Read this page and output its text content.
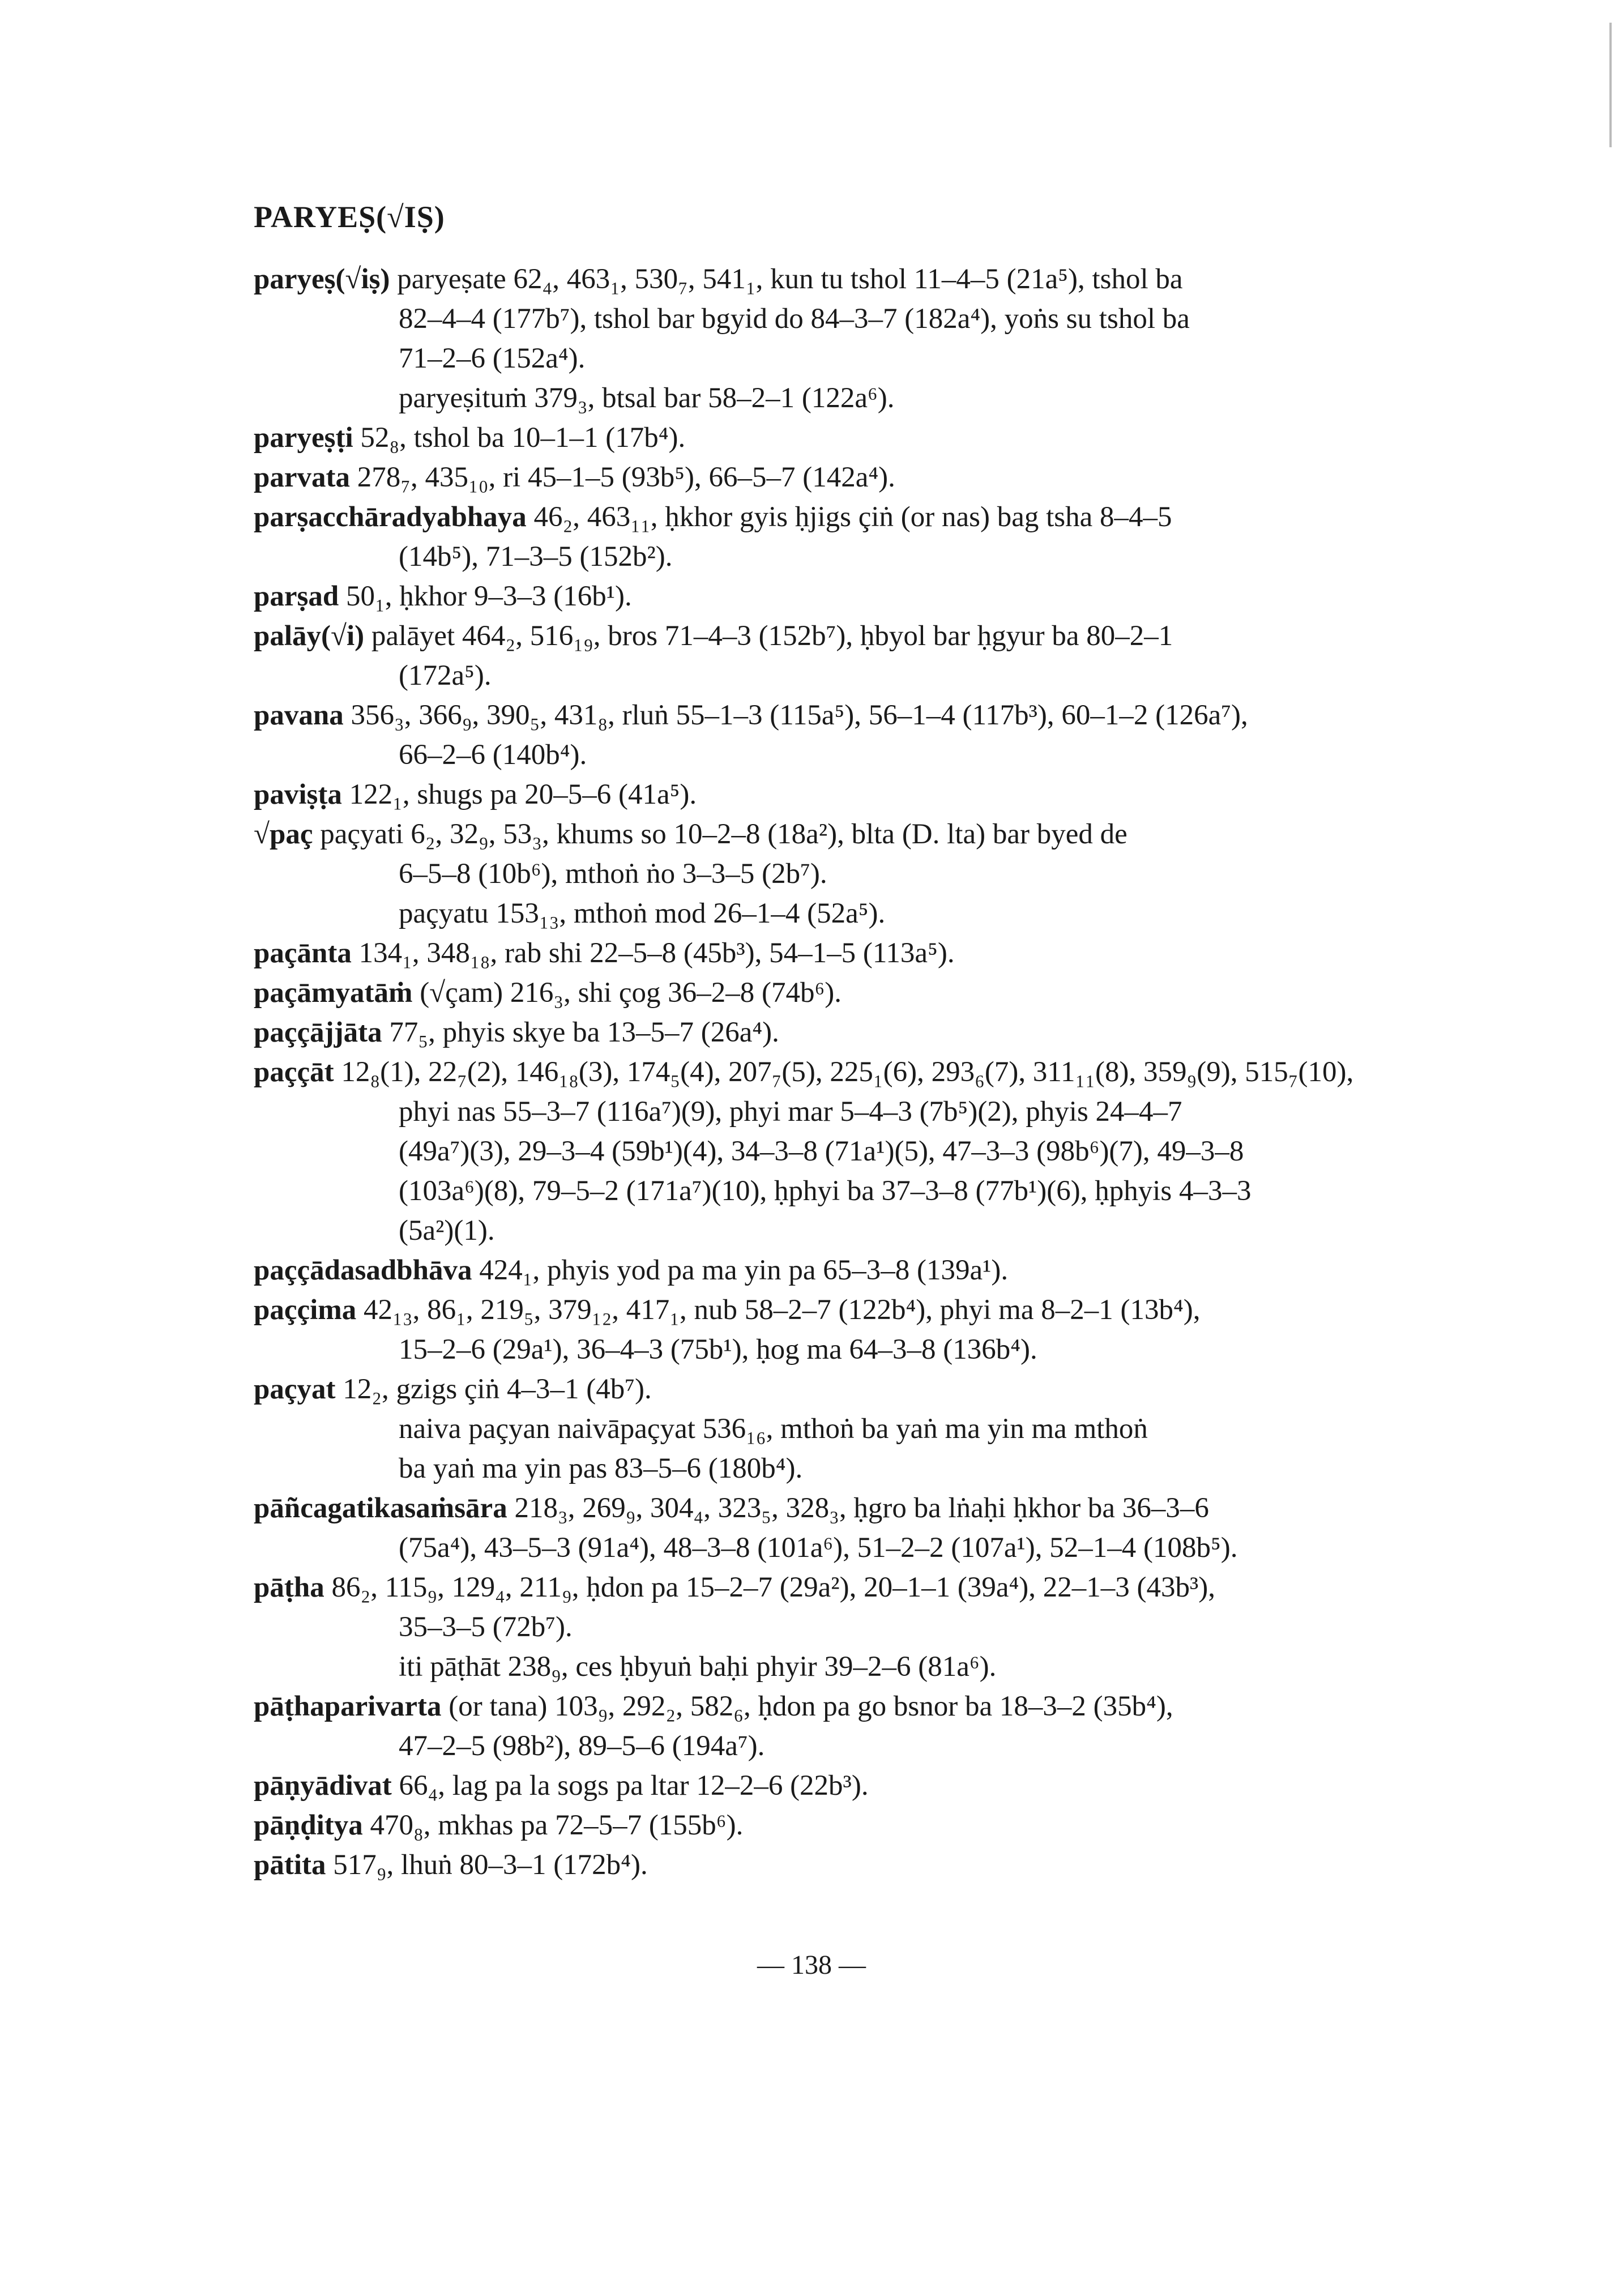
PARYEṢ(√IṢ)
paryeṣ(√iṣ) paryeṣate 62₄, 463₁, 530₇, 541₁, kun tu tshol 11–4–5 (21a⁵), tshol ba
82–4–4 (177b⁷), tshol bar bgyid do 84–3–7 (182a⁴), yoṅs su tshol ba
71–2–6 (152a⁴).
paryeṣituṁ 379₃, btsal bar 58–2–1 (122a⁶).
paryeṣṭi 52₈, tshol ba 10–1–1 (17b⁴).
parvata 278₇, 435₁₀, ri 45–1–5 (93b⁵), 66–5–7 (142a⁴).
parṣacchāradyabhaya 46₂, 463₁₁, ḥkhor gyis ḥjigs çiṅ (or nas) bag tsha 8–4–5
(14b⁵), 71–3–5 (152b²).
parṣad 50₁, ḥkhor 9–3–3 (16b¹).
palāy(√i) palāyet 464₂, 516₁₉, bros 71–4–3 (152b⁷), ḥbyol bar ḥgyur ba 80–2–1
(172a⁵).
pavana 356₃, 366₉, 390₅, 431₈, rluṅ 55–1–3 (115a⁵), 56–1–4 (117b³), 60–1–2 (126a⁷),
66–2–6 (140b⁴).
paviṣṭa 122₁, shugs pa 20–5–6 (41a⁵).
√paç paçyati 6₂, 32₉, 53₃, khums so 10–2–8 (18a²), blta (D. lta) bar byed de
6–5–8 (10b⁶), mthoṅ ṅo 3–3–5 (2b⁷).
paçyatu 153₁₃, mthoṅ mod 26–1–4 (52a⁵).
paçānta 134₁, 348₁₈, rab shi 22–5–8 (45b³), 54–1–5 (113a⁵).
paçāmyatāṁ (√çam) 216₃, shi çog 36–2–8 (74b⁶).
paççājjāta 77₅, phyis skye ba 13–5–7 (26a⁴).
paççāt 12₈(1), 22₇(2), 146₁₈(3), 174₅(4), 207₇(5), 225₁(6), 293₆(7), 311₁₁(8), 359₉(9), 515₇(10),
phyi nas 55–3–7 (116a⁷)(9), phyi mar 5–4–3 (7b⁵)(2), phyis 24–4–7
(49a⁷)(3), 29–3–4 (59b¹)(4), 34–3–8 (71a¹)(5), 47–3–3 (98b⁶)(7), 49–3–8
(103a⁶)(8), 79–5–2 (171a⁷)(10), ḥphyi ba 37–3–8 (77b¹)(6), ḥphyis 4–3–3
(5a²)(1).
paççādasadbhāva 424₁, phyis yod pa ma yin pa 65–3–8 (139a¹).
paççima 42₁₃, 86₁, 219₅, 379₁₂, 417₁, nub 58–2–7 (122b⁴), phyi ma 8–2–1 (13b⁴),
15–2–6 (29a¹), 36–4–3 (75b¹), ḥog ma 64–3–8 (136b⁴).
paçyat 12₂, gzigs çiṅ 4–3–1 (4b⁷).
naiva paçyan naivāpaçyat 536₁₆, mthoṅ ba yaṅ ma yin ma mthoṅ
ba yaṅ ma yin pas 83–5–6 (180b⁴).
pāñcagatikasaṁsāra 218₃, 269₉, 304₄, 323₅, 328₃, ḥgro ba lṅaḥi ḥkhor ba 36–3–6
(75a⁴), 43–5–3 (91a⁴), 48–3–8 (101a⁶), 51–2–2 (107a¹), 52–1–4 (108b⁵).
pāṭha 86₂, 115₉, 129₄, 211₉, ḥdon pa 15–2–7 (29a²), 20–1–1 (39a⁴), 22–1–3 (43b³),
35–3–5 (72b⁷).
iti pāṭhāt 238₉, ces ḥbyuṅ baḥi phyir 39–2–6 (81a⁶).
pāṭhaparivarta (or tana) 103₉, 292₂, 582₆, ḥdon pa go bsnor ba 18–3–2 (35b⁴),
47–2–5 (98b²), 89–5–6 (194a⁷).
pāṇyādivat 66₄, lag pa la sogs pa ltar 12–2–6 (22b³).
pāṇḍitya 470₈, mkhas pa 72–5–7 (155b⁶).
pātita 517₉, lhuṅ 80–3–1 (172b⁴).
— 138 —
